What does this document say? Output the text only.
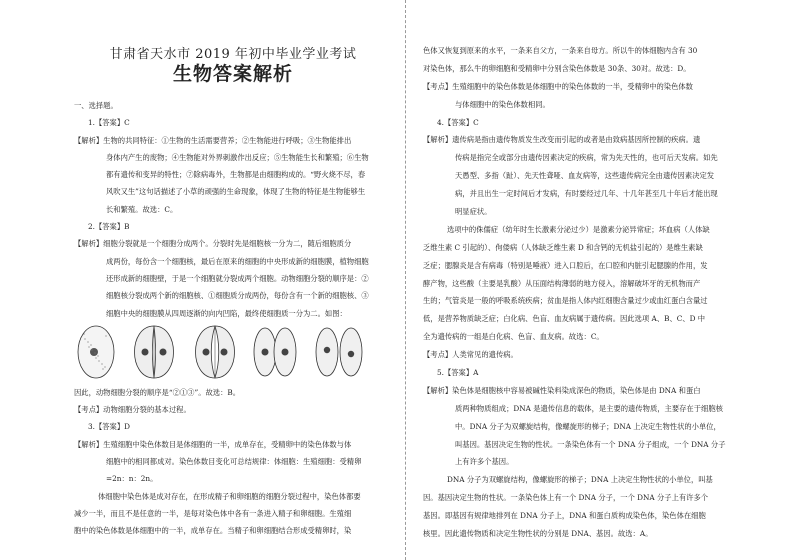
甘肃省天水市 2019 年初中毕业学业考试
生物答案解析
一、选择题。
1.【答案】C
【解析】生物的共同特征：①生物的生活需要营养；②生物能进行呼吸；③生物能排出
身体内产生的废物；④生物能对外界刺激作出反应；⑤生物能生长和繁殖；⑥生物
都有遗传和变异的特性；⑦除病毒外，生物都是由细胞构成的。“野火烧不尽，春
风吹又生”这句话描述了小草的顽强的生命现象，体现了生物的特征是生物能够生
长和繁殖。故选：C。
2.【答案】B
【解析】细胞分裂就是一个细胞分成两个。分裂时先是细胞核一分为二，随后细胞质分
成两份，每份含一个细胞核，最后在原来的细胞的中央形成新的细胞膜，植物细胞
还形成新的细胞壁，于是一个细胞就分裂成两个细胞。动物细胞分裂的顺序是：②
细胞核分裂成两个新的细胞核、①细胞质分成两份，每份含有一个新的细胞核、③
细胞中央的细胞膜从四周逐渐的向内凹陷，最终使细胞质一分为二。如图：
因此，动物细胞分裂的顺序是“②①③”。故选：B。
【考点】动物细胞分裂的基本过程。
3.【答案】D
【解析】生殖细胞中染色体数目是体细胞的一半，成单存在，受精卵中的染色体数与体
细胞中的相同都成对。染色体数目变化可总结规律：体细胞：生殖细胞：受精卵
=2n：n：2n。
体细胞中染色体是成对存在，在形成精子和卵细胞的细胞分裂过程中，染色体都要
减少一半，而且不是任意的一半，是每对染色体中各有一条进入精子和卵细胞。生殖细
胞中的染色体数是体细胞中的一半，成单存在。当精子和卵细胞结合形成受精卵时，染
色体又恢复到原来的水平，一条来自父方，一条来自母方。所以牛的体细胞内含有 30
对染色体，那么牛的卵细胞和受精卵中分别含染色体数是 30条、30对。故选：D。
【考点】生殖细胞中的染色体数是体细胞中的染色体数的一半，受精卵中的染色体数
与体细胞中的染色体数相同。
4.【答案】C
【解析】遗传病是指由遗传物质发生改变而引起的或者是由致病基因所控制的疾病。遗
传病是指完全或部分由遗传因素决定的疾病，常为先天性的，也可后天发病。如先
天愚型、多指（趾）、先天性聋哑、血友病等，这些遗传病完全由遗传因素决定发
病，并且出生一定时间后才发病，有时要经过几年、十几年甚至几十年后才能出现
明显症状。
选项中的侏儒症（幼年时生长激素分泌过少）是激素分泌异常症；坏血病（人体缺
乏维生素 C 引起的）、佝偻病（人体缺乏维生素 D 和含钙的无机盐引起的）是维生素缺
乏症；腮腺炎是含有病毒（特别是唾液）进入口腔后，在口腔和内脏引起腮腺的作用，发
酵产物，这些酸（主要是乳酸）从压面结构薄弱的地方侵入，溶解破坏牙的无机物而产
生的；气管炎是一般的呼吸系统疾病；贫血是指人体内红细胞含量过少或血红蛋白含量过
低，是营养物质缺乏症；白化病、色盲、血友病属于遗传病。因此选项 A、B、C、D 中
全为遗传病的一组是白化病、色盲、血友病。故选：C。
【考点】人类常见的遗传病。
5.【答案】A
【解析】染色体是细胞核中容易被碱性染料染成深色的物质，染色体是由 DNA 和蛋白
质两种物质组成；DNA 是遗传信息的载体，是主要的遗传物质，主要存在于细胞核
中。DNA 分子为双螺旋结构，像螺旋形的梯子；DNA 上决定生物性状的小单位，
叫基因。基因决定生物的性状。一条染色体有一个 DNA 分子组成，一个 DNA 分子
上有许多个基因。
DNA 分子为双螺旋结构，像螺旋形的梯子；DNA 上决定生物性状的小单位，叫基
因。基因决定生物的性状。一条染色体上有一个 DNA 分子，一个 DNA 分子上有许多个
基因。即基因有规律地排列在 DNA 分子上，DNA 和蛋白质构成染色体，染色体在细胞
核里。因此遗传物质和决定生物性状的分别是 DNA、基因。故选：A。
